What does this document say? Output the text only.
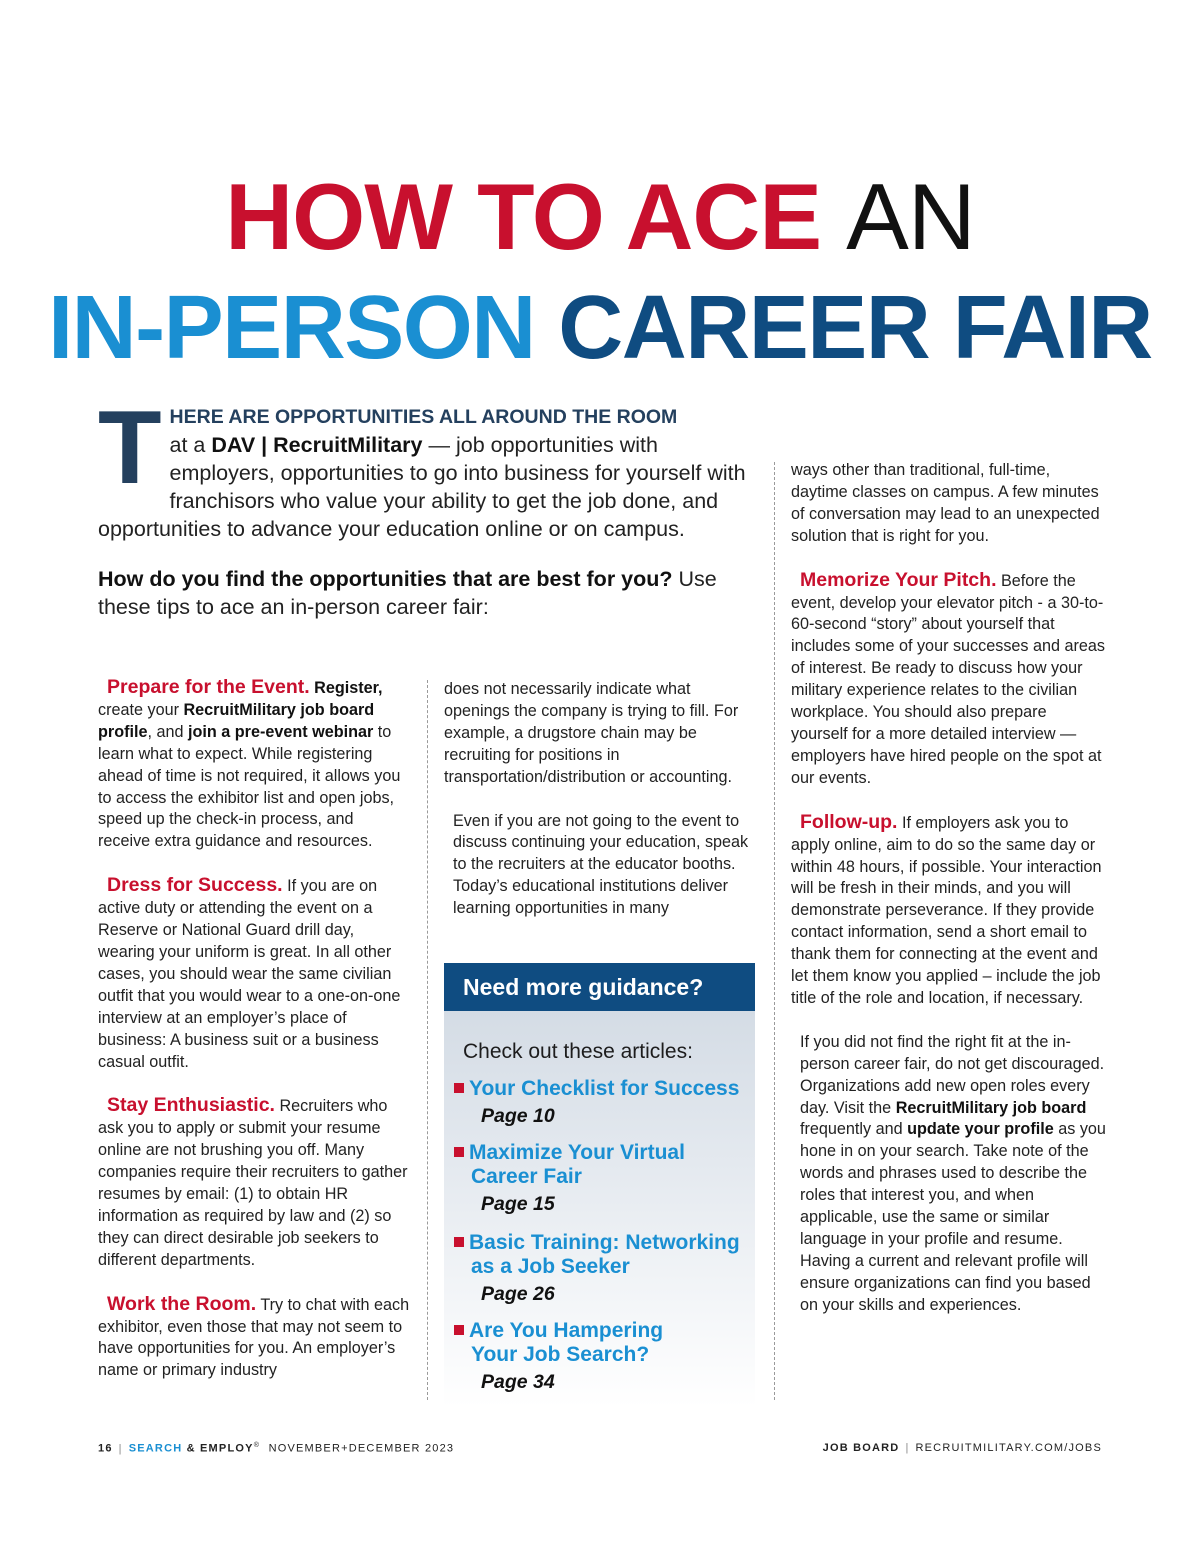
HOW TO ACE AN
IN-PERSON CAREER FAIR
THERE ARE OPPORTUNITIES ALL AROUND THE ROOM
at a DAV | RecruitMilitary — job opportunities with employers, opportunities to go into business for yourself with franchisors who value your ability to get the job done, and opportunities to advance your education online or on campus.
How do you find the opportunities that are best for you? Use these tips to ace an in-person career fair:

Prepare for the Event. Register, create your RecruitMilitary job board profile, and join a pre-event webinar to learn what to expect. While registering ahead of time is not required, it allows you to access the exhibitor list and open jobs, speed up the check-in process, and receive extra guidance and resources.

Dress for Success. If you are on active duty or attending the event on a Reserve or National Guard drill day, wearing your uniform is great. In all other cases, you should wear the same civilian outfit that you would wear to a one-on-one interview at an employer’s place of business: A business suit or a business casual outfit.

Stay Enthusiastic. Recruiters who ask you to apply or submit your resume online are not brushing you off. Many companies require their recruiters to gather resumes by email: (1) to obtain HR information as required by law and (2) so they can direct desirable job seekers to different departments.

Work the Room. Try to chat with each exhibitor, even those that may not seem to have opportunities for you. An employer’s name or primary industry

does not necessarily indicate what openings the company is trying to fill. For example, a drugstore chain may be recruiting for positions in transportation/distribution or accounting.

Even if you are not going to the event to discuss continuing your education, speak to the recruiters at the educator booths. Today’s educational institutions deliver learning opportunities in many

Need more guidance?
Check out these articles:
Your Checklist for Success
Page 10
Maximize Your Virtual
Career Fair
Page 15
Basic Training: Networking
as a Job Seeker
Page 26
Are You Hampering
Your Job Search?
Page 34

ways other than traditional, full-time, daytime classes on campus. A few minutes of conversation may lead to an unexpected solution that is right for you.

Memorize Your Pitch. Before the event, develop your elevator pitch - a 30-to-60-second “story” about yourself that includes some of your successes and areas of interest. Be ready to discuss how your military experience relates to the civilian workplace. You should also prepare yourself for a more detailed interview — employers have hired people on the spot at our events.

Follow-up. If employers ask you to apply online, aim to do so the same day or within 48 hours, if possible. Your interaction will be fresh in their minds, and you will demonstrate perseverance. If they provide contact information, send a short email to thank them for connecting at the event and let them know you applied – include the job title of the role and location, if necessary.

If you did not find the right fit at the in-person career fair, do not get discouraged. Organizations add new open roles every day. Visit the RecruitMilitary job board frequently and update your profile as you hone in on your search. Take note of the words and phrases used to describe the roles that interest you, and when applicable, use the same or similar language in your profile and resume. Having a current and relevant profile will ensure organizations can find you based on your skills and experiences.

16 | SEARCH & EMPLOY® NOVEMBER+DECEMBER 2023	JOB BOARD | RECRUITMILITARY.COM/JOBS
